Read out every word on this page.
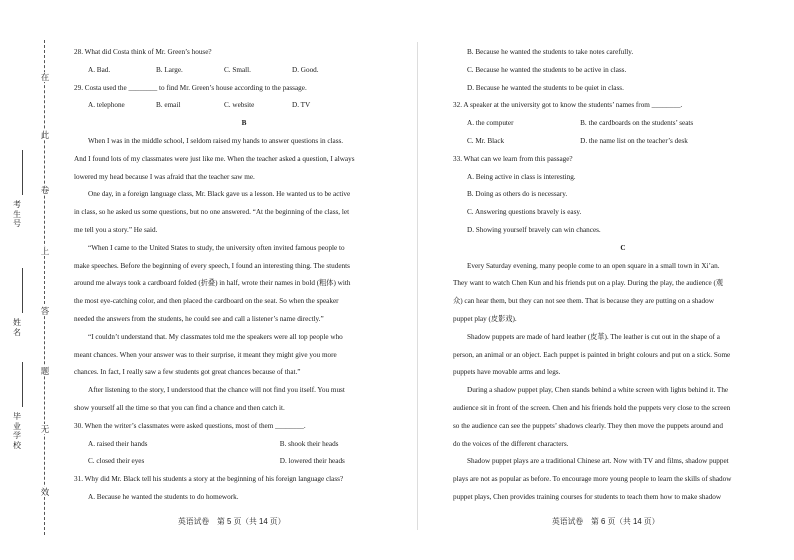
在
此
卷
上
答
题
无
效
考生号
姓名
毕业学校
28. What did Costa think of Mr. Green’s house?
A. Bad.	B. Large.	C. Small.	D. Good.
29. Costa used the ________ to find Mr. Green’s house according to the passage.
A. telephone	B. email	C. website	D. TV
B
When I was in the middle school, I seldom raised my hands to answer questions in class.
And I found lots of my classmates were just like me. When the teacher asked a question, I always
lowered my head because I was afraid that the teacher saw me.
One day, in a foreign language class, Mr. Black gave us a lesson. He wanted us to be active
in class, so he asked us some questions, but no one answered. “At the beginning of the class, let
me tell you a story.” He said.
“When I came to the United States to study, the university often invited famous people to
make speeches. Before the beginning of every speech, I found an interesting thing. The students
around me always took a cardboard folded (折叠) in half, wrote their names in bold (粗体) with
the most eye-catching color, and then placed the cardboard on the seat. So when the speaker
needed the answers from the students, he could see and call a listener’s name directly.”
“I couldn’t understand that. My classmates told me the speakers were all top people who
meant chances. When your answer was to their surprise, it meant they might give you more
chances. In fact, I really saw a few students got great chances because of that.”
After listening to the story, I understood that the chance will not find you itself. You must
show yourself all the time so that you can find a chance and then catch it.
30. When the writer’s classmates were asked questions, most of them ________.
A. raised their hands	B. shook their heads
C. closed their eyes	D. lowered their heads
31. Why did Mr. Black tell his students a story at the beginning of his foreign language class?
A. Because he wanted the students to do homework.
B. Because he wanted the students to take notes carefully.
C. Because he wanted the students to be active in class.
D. Because he wanted the students to be quiet in class.
32. A speaker at the university got to know the students’ names from ________.
A. the computer	B. the cardboards on the students’ seats
C. Mr. Black	D. the name list on the teacher’s desk
33. What can we learn from this passage?
A. Being active in class is interesting.
B. Doing as others do is necessary.
C. Answering questions bravely is easy.
D. Showing yourself bravely can win chances.
C
Every Saturday evening, many people come to an open square in a small town in Xi’an.
They want to watch Chen Kun and his friends put on a play. During the play, the audience (观
众) can hear them, but they can not see them. That is because they are putting on a shadow
puppet play (皮影戏).
Shadow puppets are made of hard leather (皮革). The leather is cut out in the shape of a
person, an animal or an object. Each puppet is painted in bright colours and put on a stick. Some
puppets have movable arms and legs.
During a shadow puppet play, Chen stands behind a white screen with lights behind it. The
audience sit in front of the screen. Chen and his friends hold the puppets very close to the screen
so the audience can see the puppets’ shadows clearly. They then move the puppets around and
do the voices of the different characters.
Shadow puppet plays are a traditional Chinese art. Now with TV and films, shadow puppet
plays are not as popular as before. To encourage more young people to learn the skills of shadow
puppet plays, Chen provides training courses for students to teach them how to make shadow
英语试卷　第 5 页（共 14 页）	英语试卷　第 6 页（共 14 页）
